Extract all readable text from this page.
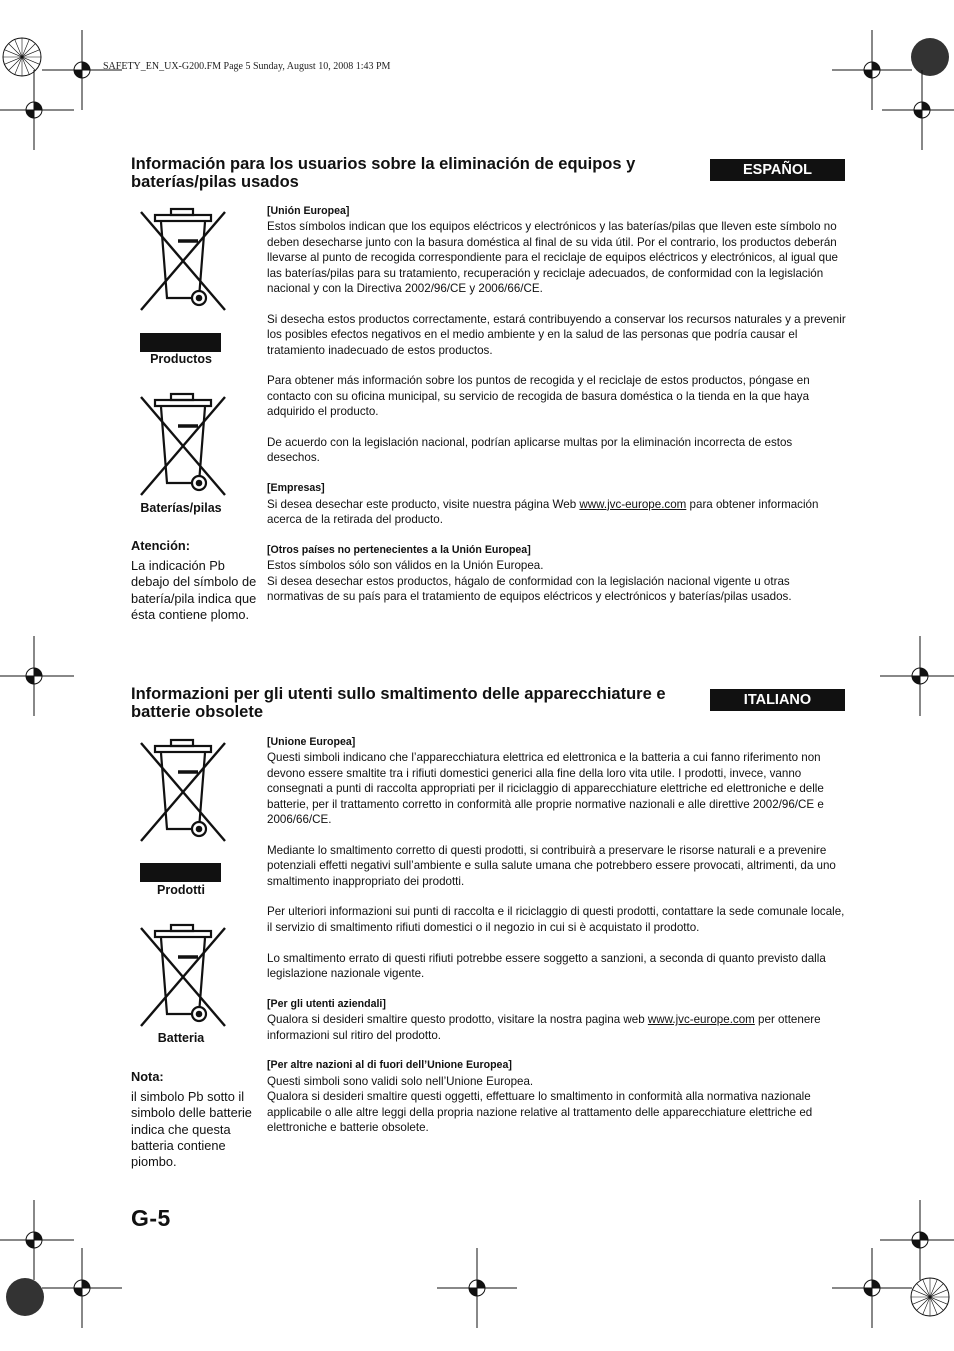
SAFETY_EN_UX-G200.FM Page 5 Sunday, August 10, 2008 1:43 PM
Información para los usuarios sobre la eliminación de equipos y baterías/pilas usados
ESPAÑOL
Productos
Baterías/pilas
Atención:
La indicación Pb debajo del símbolo de batería/pila indica que ésta contiene plomo.

[Unión Europea]

Estos símbolos indican que los equipos eléctricos y electrónicos y las baterías/pilas que lleven este símbolo no deben desecharse junto con la basura doméstica al final de su vida útil. Por el contrario, los productos deberán llevarse al punto de recogida correspondiente para el reciclaje de equipos eléctricos y electrónicos, al igual que las baterías/pilas para su tratamiento, recuperación y reciclaje adecuados, de conformidad con la legislación nacional y con la Directiva 2002/96/CE y 2006/66/CE.

Si desecha estos productos correctamente, estará contribuyendo a conservar los recursos naturales y a prevenir los posibles efectos negativos en el medio ambiente y en la salud de las personas que podría causar el tratamiento inadecuado de estos productos.

Para obtener más información sobre los puntos de recogida y el reciclaje de estos productos, póngase en contacto con su oficina municipal, su servicio de recogida de basura doméstica o la tienda en la que haya adquirido el producto.

De acuerdo con la legislación nacional, podrían aplicarse multas por la eliminación incorrecta de estos desechos.

[Empresas]

Si desea desechar este producto, visite nuestra página Web www.jvc-europe.com para obtener información acerca de la retirada del producto.

[Otros países no pertenecientes a la Unión Europea]

Estos símbolos sólo son válidos en la Unión Europea.

Si desea desechar estos productos, hágalo de conformidad con la legislación nacional vigente u otras normativas de su país para el tratamiento de equipos eléctricos y electrónicos y baterías/pilas usados.

Informazioni per gli utenti sullo smaltimento delle apparecchiature e batterie obsolete
ITALIANO
Prodotti
Batteria
Nota:
il simbolo Pb sotto il simbolo delle batterie indica che questa batteria contiene piombo.

[Unione Europea]

Questi simboli indicano che l’apparecchiatura elettrica ed elettronica e la batteria a cui fanno riferimento non devono essere smaltite tra i rifiuti domestici generici alla fine della loro vita utile. I prodotti, invece, vanno consegnati a punti di raccolta appropriati per il riciclaggio di apparecchiature elettriche ed elettroniche e delle batterie, per il trattamento corretto in conformità alle proprie normative nazionali e alle direttive 2002/96/CE e 2006/66/CE.

Mediante lo smaltimento corretto di questi prodotti, si contribuirà a preservare le risorse naturali e a prevenire potenziali effetti negativi sull’ambiente e sulla salute umana che potrebbero essere provocati, altrimenti, da uno smaltimento inappropriato dei prodotti.

Per ulteriori informazioni sui punti di raccolta e il riciclaggio di questi prodotti, contattare la sede comunale locale, il servizio di smaltimento rifiuti domestici o il negozio in cui si è acquistato il prodotto.

Lo smaltimento errato di questi rifiuti potrebbe essere soggetto a sanzioni, a seconda di quanto previsto dalla legislazione nazionale vigente.

[Per gli utenti aziendali]

Qualora si desideri smaltire questo prodotto, visitare la nostra pagina web www.jvc-europe.com per ottenere informazioni sul ritiro del prodotto.

[Per altre nazioni al di fuori dell’Unione Europea]

Questi simboli sono validi solo nell’Unione Europea.

Qualora si desideri smaltire questi oggetti, effettuare lo smaltimento in conformità alla normativa nazionale applicabile o alle altre leggi della propria nazione relative al trattamento delle apparecchiature elettriche ed elettroniche e batterie obsolete.

G-5
